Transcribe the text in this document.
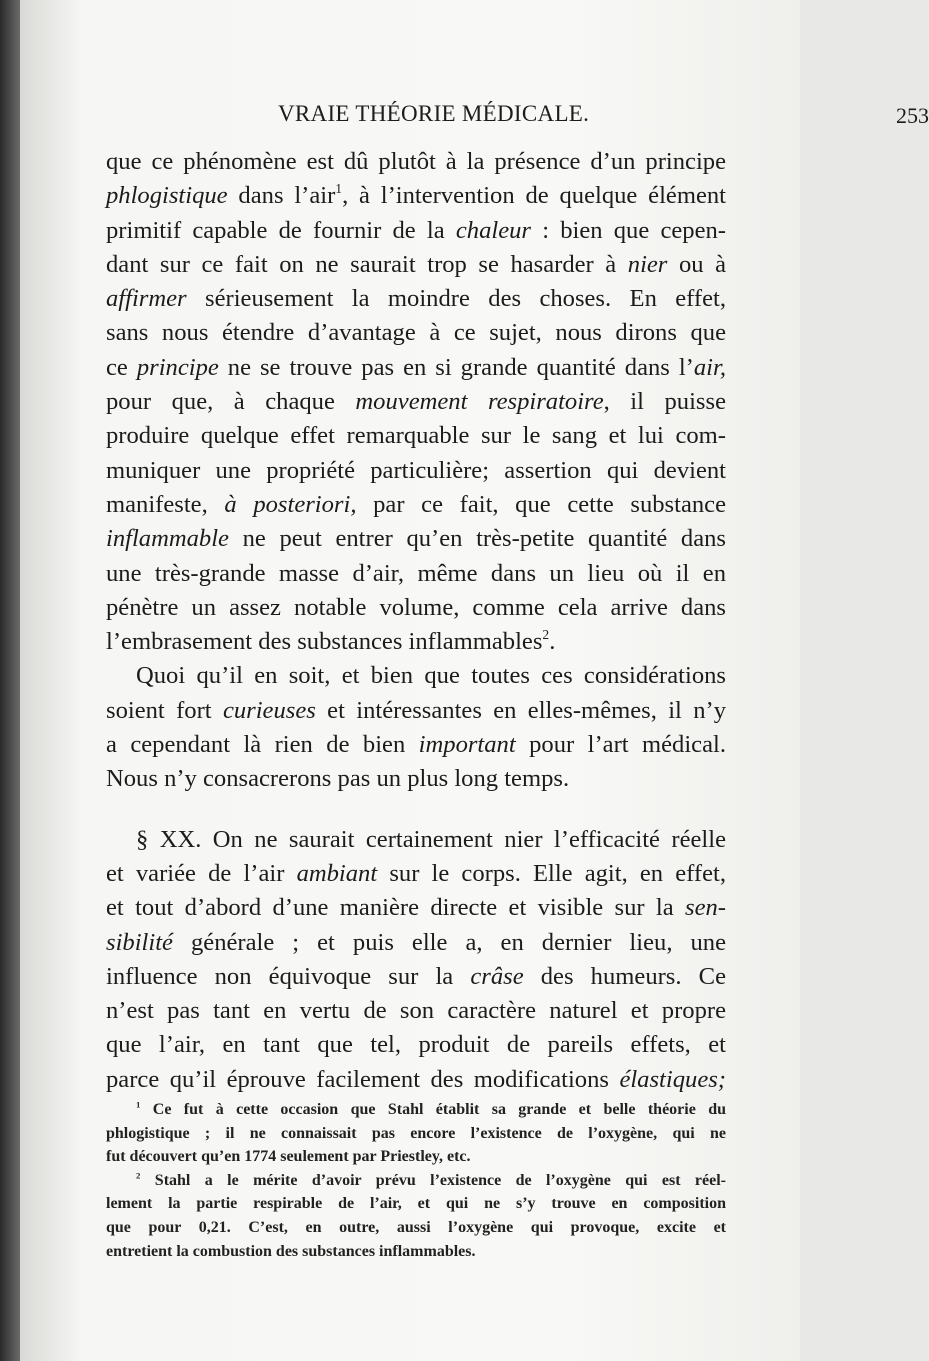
VRAIE THÉORIE MÉDICALE.	253
que ce phénomène est dû plutôt à la présence d’un principe
phlogistique dans l’air$^1$, à l’intervention de quelque élément
primitif capable de fournir de la chaleur : bien que cepen-
dant sur ce fait on ne saurait trop se hasarder à nier ou à
affirmer sérieusement la moindre des choses. En effet,
sans nous étendre d’avantage à ce sujet, nous dirons que
ce principe ne se trouve pas en si grande quantité dans l’air,
pour que, à chaque mouvement respiratoire, il puisse
produire quelque effet remarquable sur le sang et lui com-
muniquer une propriété particulière; assertion qui devient
manifeste, à posteriori, par ce fait, que cette substance
inflammable ne peut entrer qu’en très-petite quantité dans
une très-grande masse d’air, même dans un lieu où il en
pénètre un assez notable volume, comme cela arrive dans
l’embrasement des substances inflammables$^2$.
Quoi qu’il en soit, et bien que toutes ces considérations
soient fort curieuses et intéressantes en elles-mêmes, il n’y
a cependant là rien de bien important pour l’art médical.
Nous n’y consacrerons pas un plus long temps.
§ XX. On ne saurait certainement nier l’efficacité réelle
et variée de l’air ambiant sur le corps. Elle agit, en effet,
et tout d’abord d’une manière directe et visible sur la sen-
sibilité générale ; et puis elle a, en dernier lieu, une
influence non équivoque sur la crâse des humeurs. Ce
n’est pas tant en vertu de son caractère naturel et propre
que l’air, en tant que tel, produit de pareils effets, et
parce qu’il éprouve facilement des modifications élastiques;
$^1$ Ce fut à cette occasion que Stahl établit sa grande et belle théorie du
phlogistique ; il ne connaissait pas encore l’existence de l’oxygène, qui ne
fut découvert qu’en 1774 seulement par Priestley, etc.
$^2$ Stahl a le mérite d’avoir prévu l’existence de l’oxygène qui est réel-
lement la partie respirable de l’air, et qui ne s’y trouve en composition
que pour 0,21. C’est, en outre, aussi l’oxygène qui provoque, excite et
entretient la combustion des substances inflammables.
